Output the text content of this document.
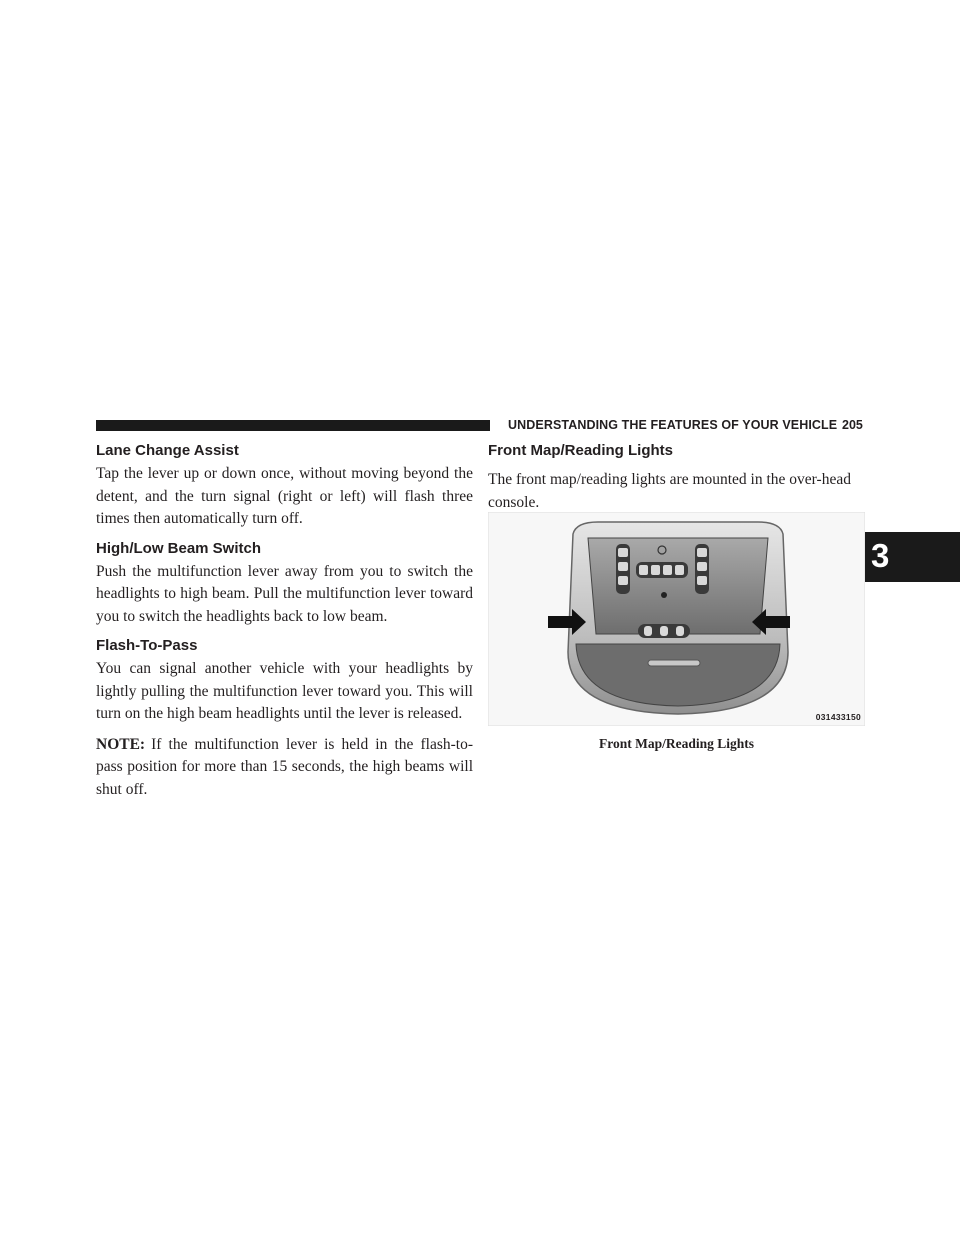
UNDERSTANDING THE FEATURES OF YOUR VEHICLE 205
3
Lane Change Assist

Tap the lever up or down once, without moving beyond the detent, and the turn signal (right or left) will flash three times then automatically turn off.

High/Low Beam Switch

Push the multifunction lever away from you to switch the headlights to high beam. Pull the multifunction lever toward you to switch the headlights back to low beam.

Flash-To-Pass

You can signal another vehicle with your headlights by lightly pulling the multifunction lever toward you. This will turn on the high beam headlights until the lever is released.

NOTE: If the multifunction lever is held in the flash-to-pass position for more than 15 seconds, the high beams will shut off.

Front Map/Reading Lights

The front map/reading lights are mounted in the over-head console.

031433150
Front Map/Reading Lights
